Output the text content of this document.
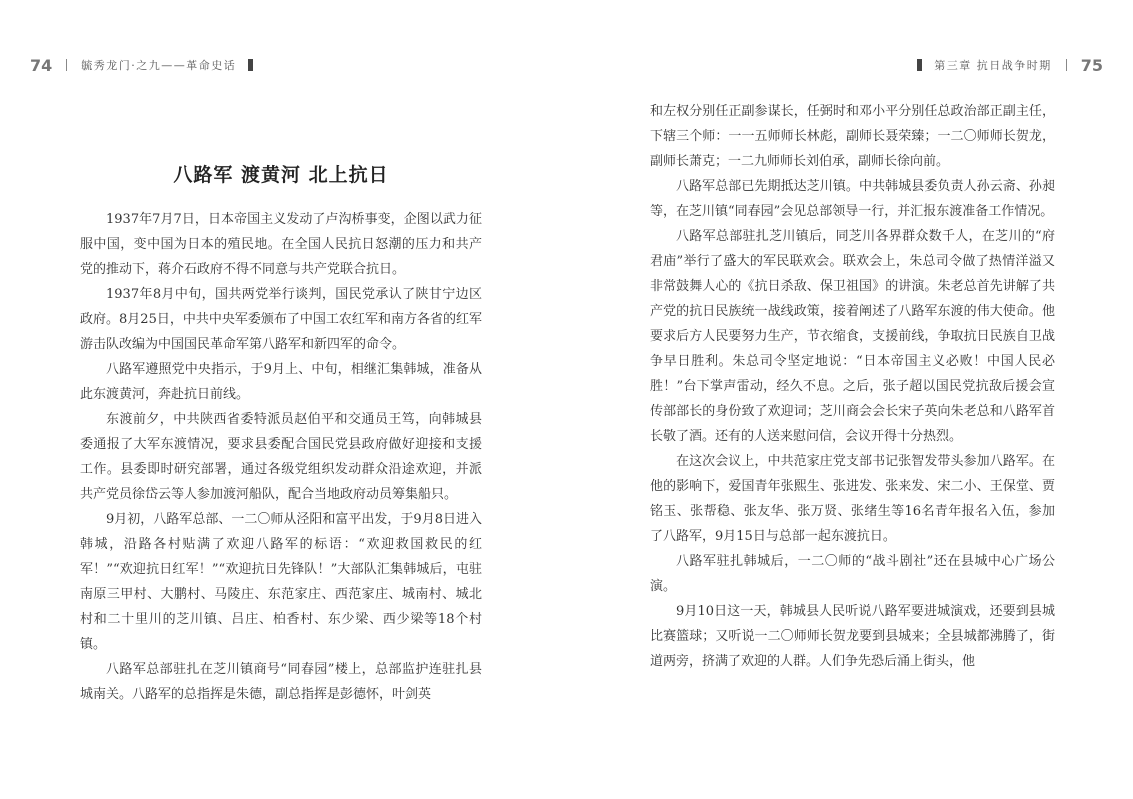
74	毓秀龙门·之九——革命史话
八路军 渡黄河 北上抗日

1937年7月7日，日本帝国主义发动了卢沟桥事变，企图以武力征服中国，变中国为日本的殖民地。在全国人民抗日怒潮的压力和共产党的推动下，蒋介石政府不得不同意与共产党联合抗日。

1937年8月中旬，国共两党举行谈判，国民党承认了陕甘宁边区政府。8月25日，中共中央军委颁布了中国工农红军和南方各省的红军游击队改编为中国国民革命军第八路军和新四军的命令。

八路军遵照党中央指示，于9月上、中旬，相继汇集韩城，准备从此东渡黄河，奔赴抗日前线。

东渡前夕，中共陕西省委特派员赵伯平和交通员王笃，向韩城县委通报了大军东渡情况，要求县委配合国民党县政府做好迎接和支援工作。县委即时研究部署，通过各级党组织发动群众沿途欢迎，并派共产党员徐岱云等人参加渡河船队，配合当地政府动员筹集船只。

9月初，八路军总部、一二〇师从泾阳和富平出发，于9月8日进入韩城，沿路各村贴满了欢迎八路军的标语：“欢迎救国救民的红军！”“欢迎抗日红军！”“欢迎抗日先锋队！”大部队汇集韩城后，屯驻南原三甲村、大鹏村、马陵庄、东范家庄、西范家庄、城南村、城北村和二十里川的芝川镇、吕庄、柏香村、东少梁、西少梁等18个村镇。

八路军总部驻扎在芝川镇商号“同春园”楼上，总部监护连驻扎县城南关。八路军的总指挥是朱德，副总指挥是彭德怀，叶剑英

第三章 抗日战争时期 75

和左权分别任正副参谋长，任弼时和邓小平分别任总政治部正副主任，下辖三个师：一一五师师长林彪，副师长聂荣臻；一二〇师师长贺龙，副师长萧克；一二九师师长刘伯承，副师长徐向前。

八路军总部已先期抵达芝川镇。中共韩城县委负责人孙云斋、孙昶等，在芝川镇“同春园”会见总部领导一行，并汇报东渡准备工作情况。

八路军总部驻扎芝川镇后，同芝川各界群众数千人，在芝川的“府君庙”举行了盛大的军民联欢会。联欢会上，朱总司令做了热情洋溢又非常鼓舞人心的《抗日杀敌、保卫祖国》的讲演。朱老总首先讲解了共产党的抗日民族统一战线政策，接着阐述了八路军东渡的伟大使命。他要求后方人民要努力生产，节衣缩食，支援前线，争取抗日民族自卫战争早日胜利。朱总司令坚定地说：“日本帝国主义必败！中国人民必胜！”台下掌声雷动，经久不息。之后，张子超以国民党抗敌后援会宣传部部长的身份致了欢迎词；芝川商会会长宋子英向朱老总和八路军首长敬了酒。还有的人送来慰问信，会议开得十分热烈。

在这次会议上，中共范家庄党支部书记张智发带头参加八路军。在他的影响下，爱国青年张熙生、张进发、张来发、宋二小、王保堂、贾铭玉、张帮稳、张友华、张万贤、张绪生等16名青年报名入伍，参加了八路军，9月15日与总部一起东渡抗日。

八路军驻扎韩城后，一二〇师的“战斗剧社”还在县城中心广场公演。

9月10日这一天，韩城县人民听说八路军要进城演戏，还要到县城比赛篮球；又听说一二〇师师长贺龙要到县城来；全县城都沸腾了，街道两旁，挤满了欢迎的人群。人们争先恐后涌上街头，他
